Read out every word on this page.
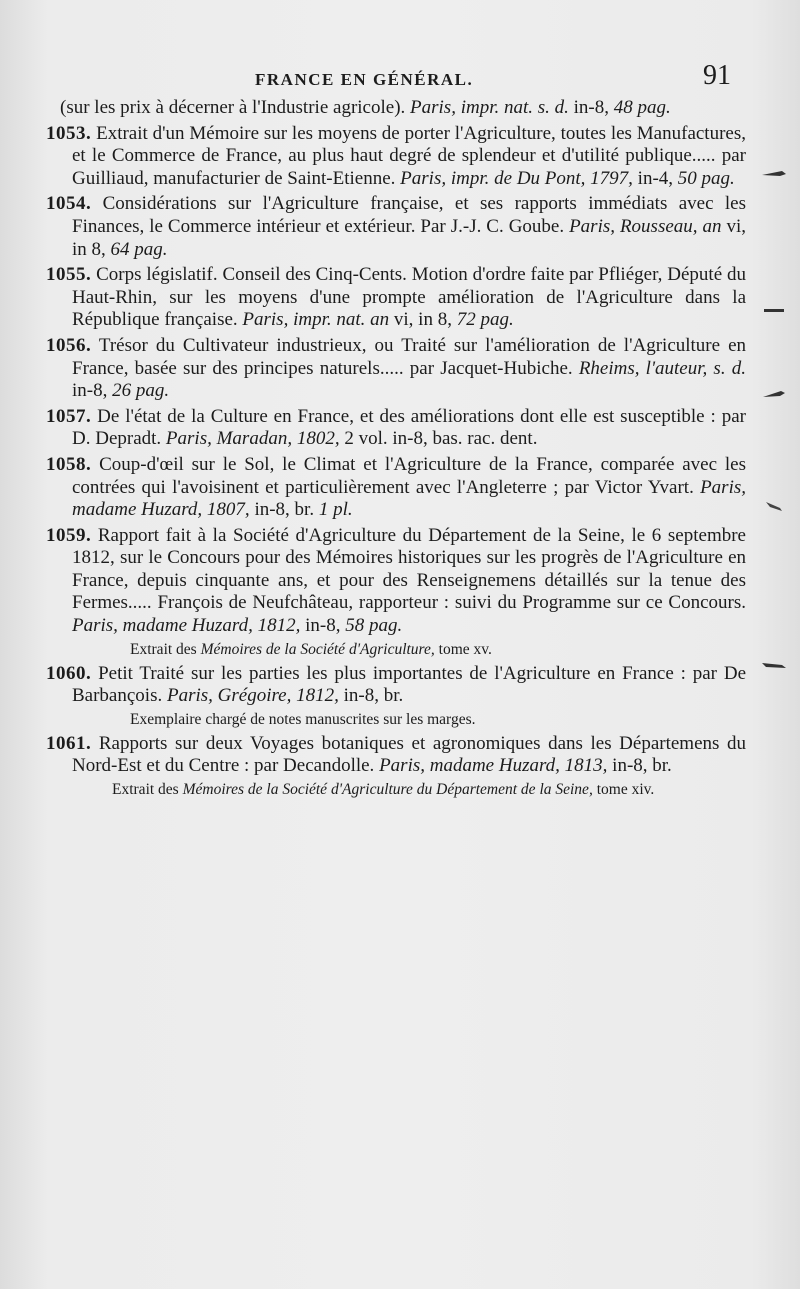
FRANCE EN GÉNÉRAL.	91

(sur les prix à décerner à l'Industrie agricole). Paris, impr. nat. s. d. in-8, 48 pag.

1053. Extrait d'un Mémoire sur les moyens de porter l'Agriculture, toutes les Manufactures, et le Commerce de France, au plus haut degré de splendeur et d'utilité publique..... par Guilliaud, manufacturier de Saint-Etienne. Paris, impr. de Du Pont, 1797, in-4, 50 pag.

1054. Considérations sur l'Agriculture française, et ses rapports immédiats avec les Finances, le Commerce intérieur et extérieur. Par J.-J. C. Goube. Paris, Rousseau, an vi, in 8, 64 pag.

1055. Corps législatif. Conseil des Cinq-Cents. Motion d'ordre faite par Pfliéger, Député du Haut-Rhin, sur les moyens d'une prompte amélioration de l'Agriculture dans la République française. Paris, impr. nat. an vi, in 8, 72 pag.

1056. Trésor du Cultivateur industrieux, ou Traité sur l'amélioration de l'Agriculture en France, basée sur des principes naturels..... par Jacquet-Hubiche. Rheims, l'auteur, s. d. in-8, 26 pag.

1057. De l'état de la Culture en France, et des améliorations dont elle est susceptible : par D. Depradt. Paris, Maradan, 1802, 2 vol. in-8, bas. rac. dent.

1058. Coup-d'œil sur le Sol, le Climat et l'Agriculture de la France, comparée avec les contrées qui l'avoisinent et particulièrement avec l'Angleterre ; par Victor Yvart. Paris, madame Huzard, 1807, in-8, br. 1 pl.

1059. Rapport fait à la Société d'Agriculture du Département de la Seine, le 6 septembre 1812, sur le Concours pour des Mémoires historiques sur les progrès de l'Agriculture en France, depuis cinquante ans, et pour des Renseignemens détaillés sur la tenue des Fermes..... François de Neufchâteau, rapporteur : suivi du Programme sur ce Concours. Paris, madame Huzard, 1812, in-8, 58 pag.

Extrait des Mémoires de la Société d'Agriculture, tome xv.

1060. Petit Traité sur les parties les plus importantes de l'Agriculture en France : par De Barbançois. Paris, Grégoire, 1812, in-8, br.

Exemplaire chargé de notes manuscrites sur les marges.

1061. Rapports sur deux Voyages botaniques et agronomiques dans les Départemens du Nord-Est et du Centre : par Decandolle. Paris, madame Huzard, 1813, in-8, br.

Extrait des Mémoires de la Société d'Agriculture du Département de la Seine, tome xiv.
